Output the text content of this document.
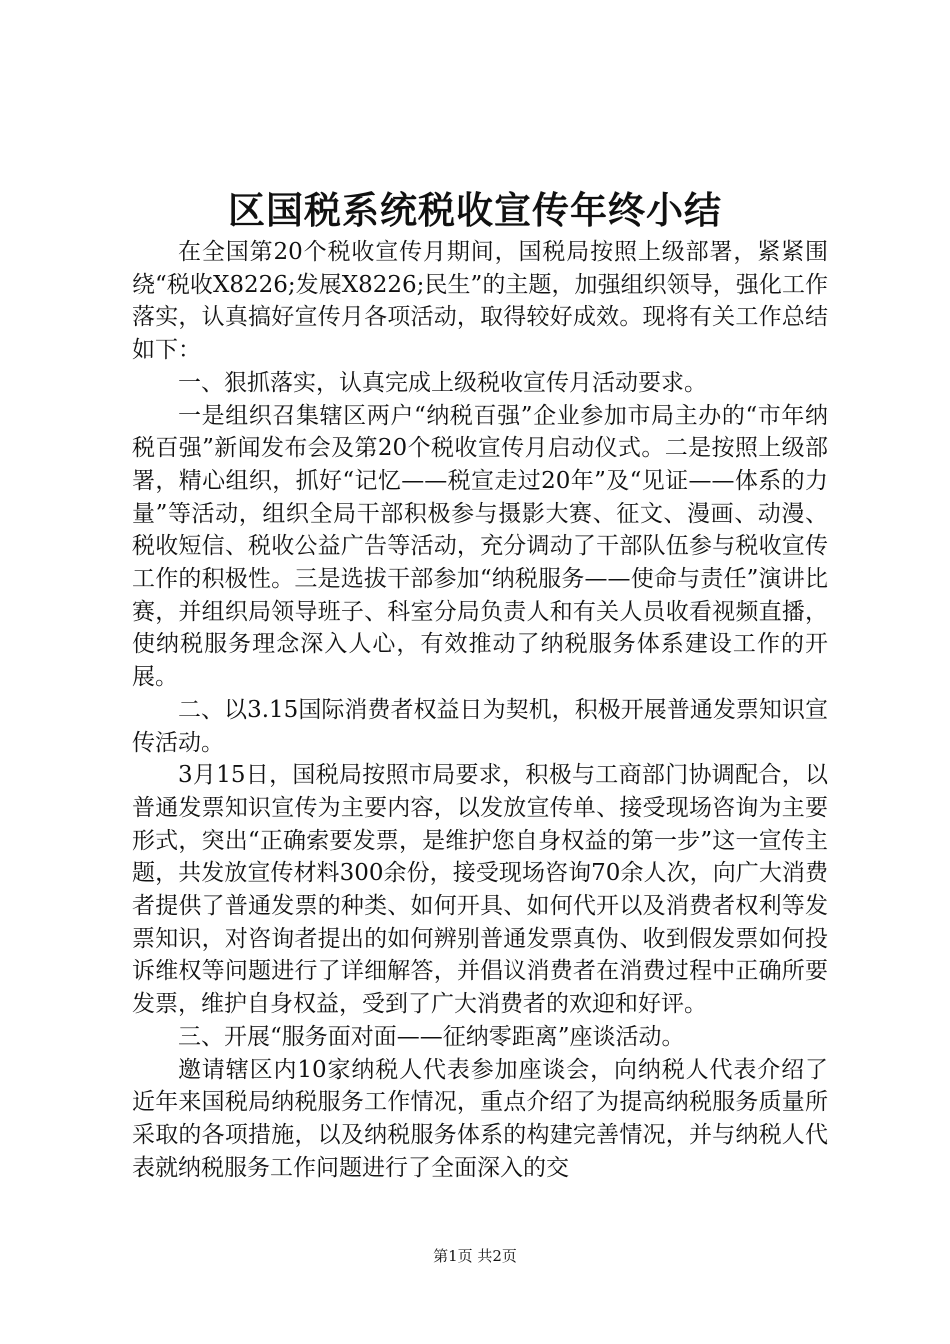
区国税系统税收宣传年终小结

在全国第20个税收宣传月期间，国税局按照上级部署，紧紧围绕“税收X8226;发展X8226;民生”的主题，加强组织领导，强化工作落实，认真搞好宣传月各项活动，取得较好成效。现将有关工作总结如下：

一、狠抓落实，认真完成上级税收宣传月活动要求。

一是组织召集辖区两户“纳税百强”企业参加市局主办的“市年纳税百强”新闻发布会及第20个税收宣传月启动仪式。二是按照上级部署，精心组织，抓好“记忆——税宣走过20年”及“见证——体系的力量”等活动，组织全局干部积极参与摄影大赛、征文、漫画、动漫、税收短信、税收公益广告等活动，充分调动了干部队伍参与税收宣传工作的积极性。三是选拔干部参加“纳税服务——使命与责任”演讲比赛，并组织局领导班子、科室分局负责人和有关人员收看视频直播，使纳税服务理念深入人心，有效推动了纳税服务体系建设工作的开展。

二、以3.15国际消费者权益日为契机，积极开展普通发票知识宣传活动。

3月15日，国税局按照市局要求，积极与工商部门协调配合，以普通发票知识宣传为主要内容，以发放宣传单、接受现场咨询为主要形式，突出“正确索要发票，是维护您自身权益的第一步”这一宣传主题，共发放宣传材料300余份，接受现场咨询70余人次，向广大消费者提供了普通发票的种类、如何开具、如何代开以及消费者权利等发票知识，对咨询者提出的如何辨别普通发票真伪、收到假发票如何投诉维权等问题进行了详细解答，并倡议消费者在消费过程中正确所要发票，维护自身权益，受到了广大消费者的欢迎和好评。

三、开展“服务面对面——征纳零距离”座谈活动。

邀请辖区内10家纳税人代表参加座谈会，向纳税人代表介绍了近年来国税局纳税服务工作情况，重点介绍了为提高纳税服务质量所采取的各项措施，以及纳税服务体系的构建完善情况，并与纳税人代表就纳税服务工作问题进行了全面深入的交

第1页 共2页
